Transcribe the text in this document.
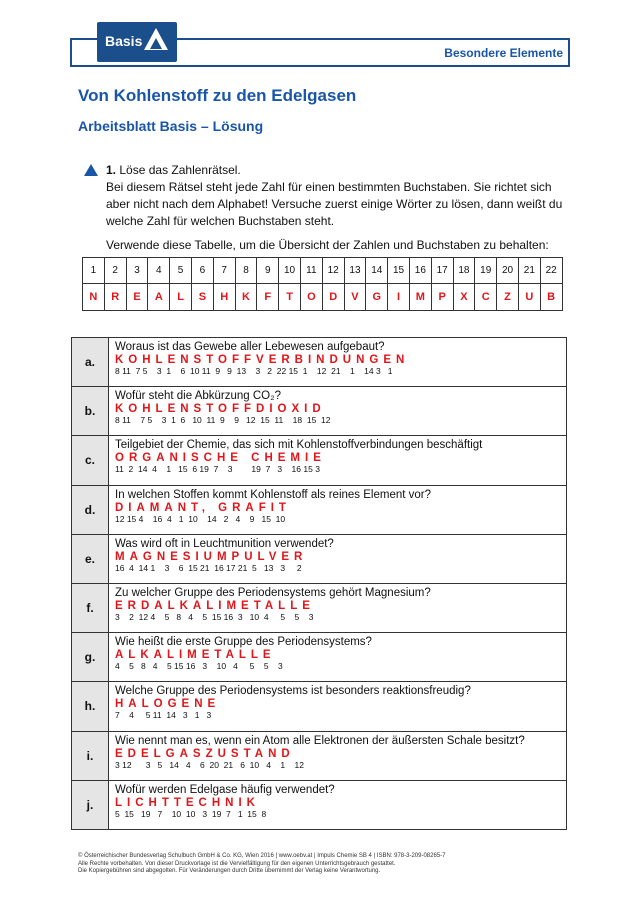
Basis
Besondere Elemente
Von Kohlenstoff zu den Edelgasen
Arbeitsblatt Basis – Lösung
1. Löse das Zahlenrätsel.
Bei diesem Rätsel steht jede Zahl für einen bestimmten Buchstaben. Sie richtet sich aber nicht nach dem Alphabet! Versuche zuerst einige Wörter zu lösen, dann weißt du welche Zahl für welchen Buchstaben steht.
Verwende diese Tabelle, um die Übersicht der Zahlen und Buchstaben zu behalten:
1	2	3	4	5	6	7	8	9	10	11	12	13	14	15	16	17	18	19	20	21	22
N	R	E	A	L	S	H	K	F	T	O	D	V	G	I	M	P	X	C	Z	U	B
a.	Woraus ist das Gewebe aller Lebewesen aufgebaut?
KOHLENSTOFFVERBINDUNGEN
8 11  7 5    3  1    6  10 11  9   9  13    3   2  22 15  1    12  21    1    14 3   1

b.	Wofür steht die Abkürzung CO₂?
KOHLENSTOFFDIOXID
8 11    7 5    3  1  6   10  11  9    9   12  15  11    18  15  12

c.	Teilgebiet der Chemie, das sich mit Kohlenstoffverbindungen beschäftigt
ORGANISCHE CHEMIE
11  2  14  4    1   15  6 19  7    3        19  7   3    16 15 3

d.	In welchen Stoffen kommt Kohlenstoff als reines Element vor?
DIAMANT, GRAFIT
12 15 4    16  4   1  10    14   2   4    9   15  10

e.	Was wird oft in Leuchtmunition verwendet?
MAGNESIUMPULVER
16  4  14 1    3    6  15 21  16 17 21  5   13   3     2

f.	Zu welcher Gruppe des Periodensystems gehört Magnesium?
ERDALKALIMETALLE
3    2  12 4    5   8   4    5  15 16  3   10  4     5    5    3

g.	Wie heißt die erste Gruppe des Periodensystems?
ALKALIMETALLE
4    5   8   4    5 15 16   3    10   4     5    5    3

h.	Welche Gruppe des Periodensystems ist besonders reaktionsfreudig?
HALOGENE
7    4     5 11  14   3   1   3

i.	Wie nennt man es, wenn ein Atom alle Elektronen der äußersten Schale besitzt?
EDELGASZUSTAND
3 12      3   5   14   4    6  20  21   6  10   4    1    12

j.	Wofür werden Edelgase häufig verwendet?
LICHTTECHNIK
5  15   19   7    10  10   3  19  7   1  15  8
© Österreichischer Bundesverlag Schulbuch GmbH & Co. KG, Wien 2016 | www.oebv.at | Impuls Chemie SB 4 | ISBN: 978-3-209-08265-7
Alle Rechte vorbehalten. Von dieser Druckvorlage ist die Vervielfältigung für den eigenen Unterrichtsgebrauch gestattet.
Die Kopiergebühren sind abgegolten. Für Veränderungen durch Dritte übernimmt der Verlag keine Verantwortung.
